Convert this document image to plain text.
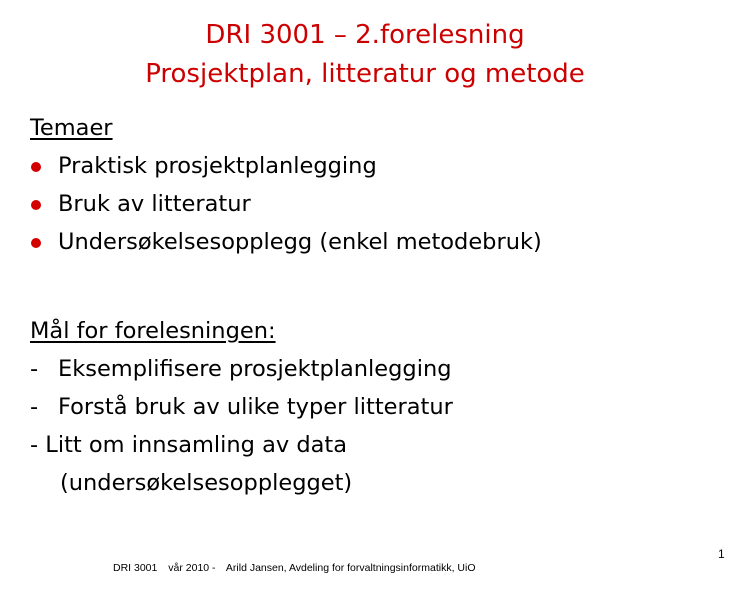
DRI 3001 – 2.forelesning
Prosjektplan, litteratur og metode
Temaer
Praktisk prosjektplanlegging
Bruk av litteratur
Undersøkelsesopplegg (enkel metodebruk)
Mål for forelesningen:
- Eksemplifisere prosjektplanlegging
- Forstå bruk av ulike typer litteratur
- Litt om innsamling av data
(undersøkelsesopplegget)
DRI 3001 vår 2010 - Arild Jansen, Avdeling for forvaltningsinformatikk, UiO
1
